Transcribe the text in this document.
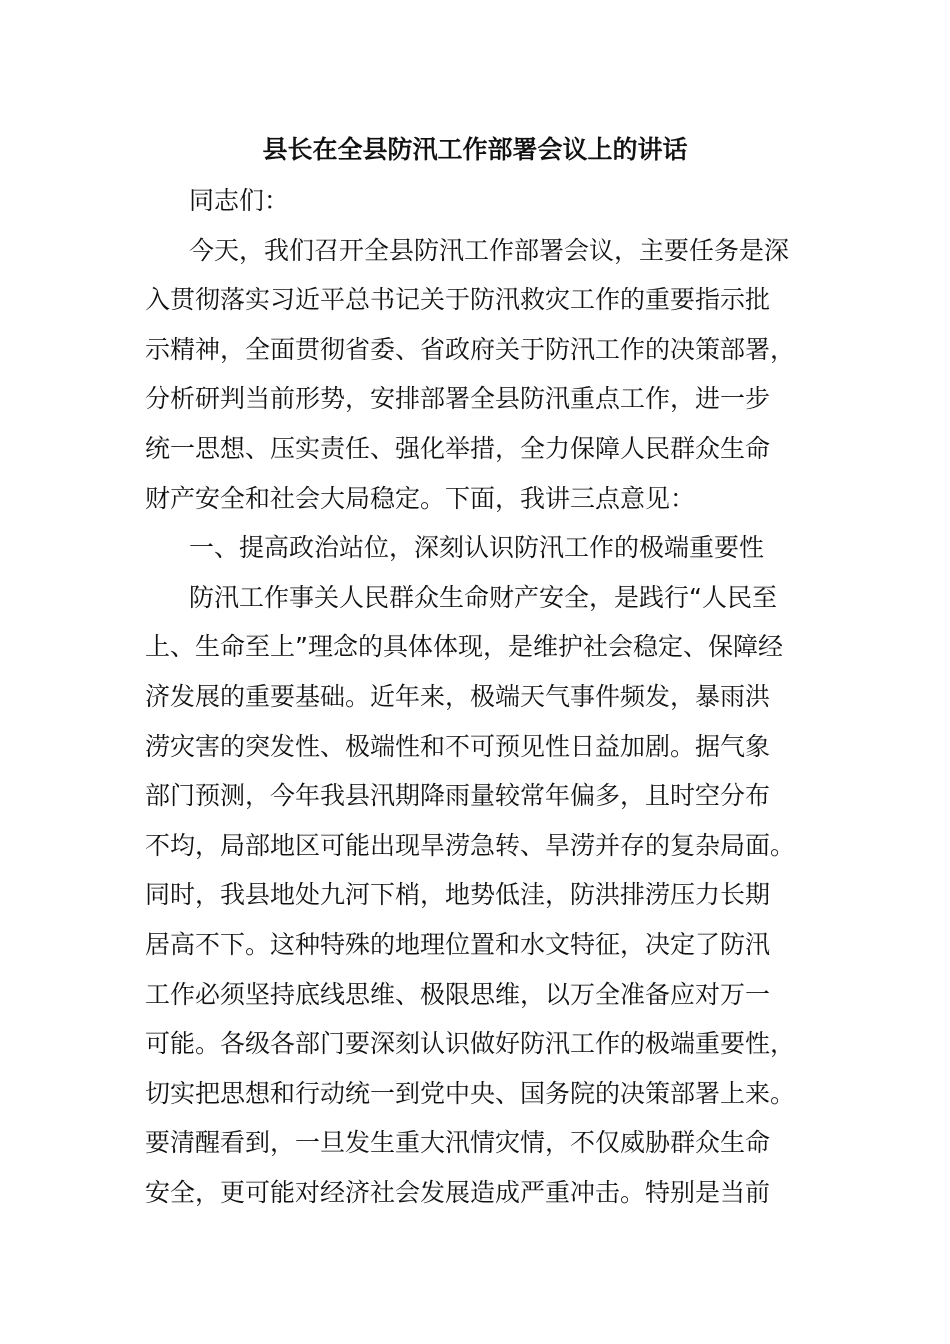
县长在全县防汛工作部署会议上的讲话
同志们：
今天，我们召开全县防汛工作部署会议，主要任务是深
入贯彻落实习近平总书记关于防汛救灾工作的重要指示批
示精神，全面贯彻省委、省政府关于防汛工作的决策部署，
分析研判当前形势，安排部署全县防汛重点工作，进一步
统一思想、压实责任、强化举措，全力保障人民群众生命
财产安全和社会大局稳定。下面，我讲三点意见：
一、提高政治站位，深刻认识防汛工作的极端重要性
防汛工作事关人民群众生命财产安全，是践行“人民至
上、生命至上”理念的具体体现，是维护社会稳定、保障经
济发展的重要基础。近年来，极端天气事件频发，暴雨洪
涝灾害的突发性、极端性和不可预见性日益加剧。据气象
部门预测，今年我县汛期降雨量较常年偏多，且时空分布
不均，局部地区可能出现旱涝急转、旱涝并存的复杂局面。
同时，我县地处九河下梢，地势低洼，防洪排涝压力长期
居高不下。这种特殊的地理位置和水文特征，决定了防汛
工作必须坚持底线思维、极限思维，以万全准备应对万一
可能。各级各部门要深刻认识做好防汛工作的极端重要性，
切实把思想和行动统一到党中央、国务院的决策部署上来。
要清醒看到，一旦发生重大汛情灾情，不仅威胁群众生命
安全，更可能对经济社会发展造成严重冲击。特别是当前
